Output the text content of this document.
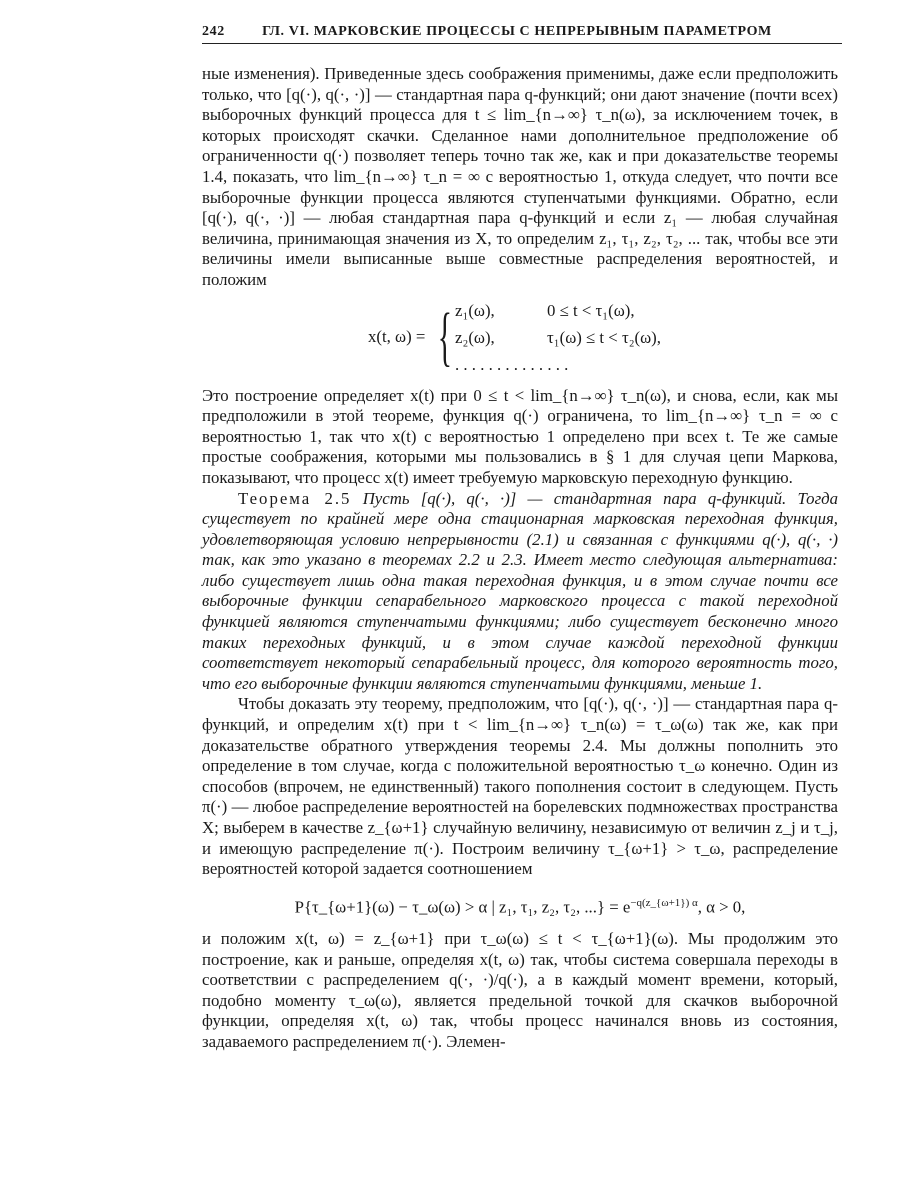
242	ГЛ. VI. МАРКОВСКИЕ ПРОЦЕССЫ С НЕПРЕРЫВНЫМ ПАРАМЕТРОМ

ные изменения). Приведенные здесь соображения применимы, даже если предположить только, что [q(·), q(·, ·)] — стандартная пара q-функций; они дают значение (почти всех) выборочных функций процесса для t ≤ lim_{n→∞} τ_n(ω), за исключением точек, в которых происходят скачки. Сделанное нами дополнительное предположение об ограниченности q(·) позволяет теперь точно так же, как и при доказательстве теоремы 1.4, показать, что lim_{n→∞} τ_n = ∞ с вероятностью 1, откуда следует, что почти все выборочные функции процесса являются ступенчатыми функциями. Обратно, если [q(·), q(·, ·)] — любая стандартная пара q-функций и если z₁ — любая случайная величина, принимающая значения из X, то определим z₁, τ₁, z₂, τ₂, ... так, чтобы все эти величины имели выписанные выше совместные распределения вероятностей, и положим

x(t, ω) = { z₁(ω),	0 ≤ t < τ₁(ω),
z₂(ω),	τ₁(ω) ≤ t < τ₂(ω),
. . . . . . . . . . . . . .

Это построение определяет x(t) при 0 ≤ t < lim_{n→∞} τ_n(ω), и снова, если, как мы предположили в этой теореме, функция q(·) ограничена, то lim_{n→∞} τ_n = ∞ с вероятностью 1, так что x(t) с вероятностью 1 определено при всех t. Те же самые простые соображения, которыми мы пользовались в § 1 для случая цепи Маркова, показывают, что процесс x(t) имеет требуемую марковскую переходную функцию.

Теорема 2.5 Пусть [q(·), q(·, ·)] — стандартная пара q-функций. Тогда существует по крайней мере одна стационарная марковская переходная функция, удовлетворяющая условию непрерывности (2.1) и связанная с функциями q(·), q(·, ·) так, как это указано в теоремах 2.2 и 2.3. Имеет место следующая альтернатива: либо существует лишь одна такая переходная функция, и в этом случае почти все выборочные функции сепарабельного марковского процесса с такой переходной функцией являются ступенчатыми функциями; либо существует бесконечно много таких переходных функций, и в этом случае каждой переходной функции соответствует некоторый сепарабельный процесс, для которого вероятность того, что его выборочные функции являются ступенчатыми функциями, меньше 1.

Чтобы доказать эту теорему, предположим, что [q(·), q(·, ·)] — стандартная пара q-функций, и определим x(t) при t < lim_{n→∞} τ_n(ω) = τ_ω(ω) так же, как при доказательстве обратного утверждения теоремы 2.4. Мы должны пополнить это определение в том случае, когда с положительной вероятностью τ_ω конечно. Один из способов (впрочем, не единственный) такого пополнения состоит в следующем. Пусть π(·) — любое распределение вероятностей на борелевских подмножествах пространства X; выберем в качестве z_{ω+1} случайную величину, независимую от величин z_j и τ_j, и имеющую распределение π(·). Построим величину τ_{ω+1} > τ_ω, распределение вероятностей которой задается соотношением

P{τ_{ω+1}(ω) − τ_ω(ω) > α | z₁, τ₁, z₂, τ₂, ...} = $e^{-q(z\_\{\omega+1\}) \alpha}$, α > 0,

и положим x(t, ω) = z_{ω+1} при τ_ω(ω) ≤ t < τ_{ω+1}(ω). Мы продолжим это построение, как и раньше, определяя x(t, ω) так, чтобы система совершала переходы в соответствии с распределением q(·, ·)/q(·), а в каждый момент времени, который, подобно моменту τ_ω(ω), является предельной точкой для скачков выборочной функции, определяя x(t, ω) так, чтобы процесс начинался вновь из состояния, задаваемого распределением π(·). Элемен-
